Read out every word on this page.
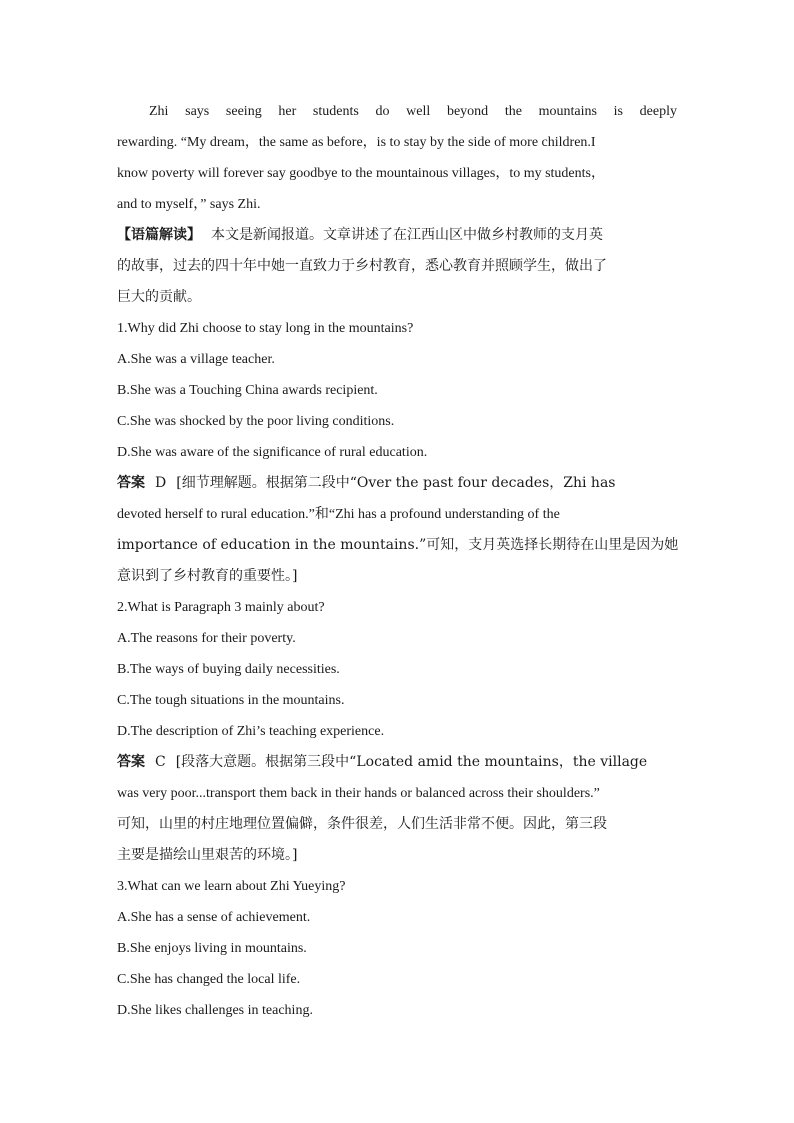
Zhi says seeing her students do well beyond the mountains is deeply
rewarding. “My dream，the same as before，is to stay by the side of more children.I
know poverty will forever say goodbye to the mountainous villages，to my students，
and to myself，” says Zhi.
【语篇解读】 本文是新闻报道。文章讲述了在江西山区中做乡村教师的支月英
的故事，过去的四十年中她一直致力于乡村教育，悉心教育并照顾学生，做出了
巨大的贡献。
1.Why did Zhi choose to stay long in the mountains?
A.She was a village teacher.
B.She was a Touching China awards recipient.
C.She was shocked by the poor living conditions.
D.She was aware of the significance of rural education.
答案 D [细节理解题。根据第二段中“Over the past four decades，Zhi has
devoted herself to rural education.”和“Zhi has a profound understanding of the
importance of education in the mountains.”可知，支月英选择长期待在山里是因为她
意识到了乡村教育的重要性。]
2.What is Paragraph 3 mainly about?
A.The reasons for their poverty.
B.The ways of buying daily necessities.
C.The tough situations in the mountains.
D.The description of Zhi’s teaching experience.
答案 C [段落大意题。根据第三段中“Located amid the mountains，the village
was very poor...transport them back in their hands or balanced across their shoulders.”
可知，山里的村庄地理位置偏僻，条件很差，人们生活非常不便。因此，第三段
主要是描绘山里艰苦的环境。]
3.What can we learn about Zhi Yueying?
A.She has a sense of achievement.
B.She enjoys living in mountains.
C.She has changed the local life.
D.She likes challenges in teaching.
